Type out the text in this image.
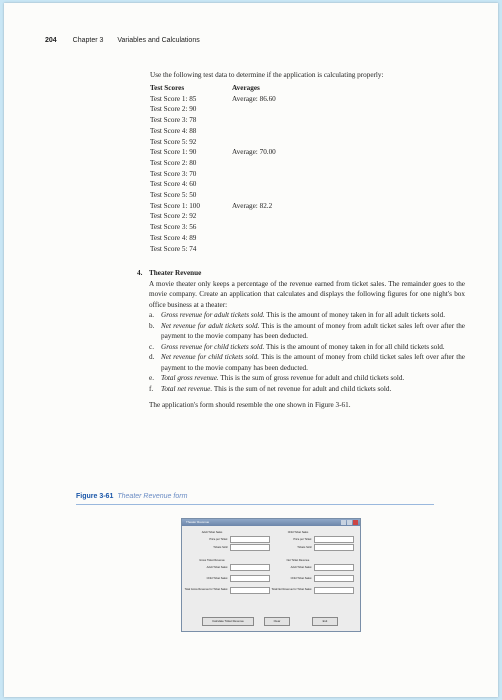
204 Chapter 3 Variables and Calculations
Use the following test data to determine if the application is calculating properly:
Test Scores	Averages
Test Score 1: 85	Average: 86.60
Test Score 2: 90
Test Score 3: 78
Test Score 4: 88
Test Score 5: 92
Test Score 1: 90	Average: 70.00
Test Score 2: 80
Test Score 3: 70
Test Score 4: 60
Test Score 5: 50
Test Score 1: 100	Average: 82.2
Test Score 2: 92
Test Score 3: 56
Test Score 4: 89
Test Score 5: 74
4. Theater Revenue

A movie theater only keeps a percentage of the revenue earned from ticket sales. The remainder goes to the movie company. Create an application that calculates and displays the following figures for one night's box office business at a theater:

a. Gross revenue for adult tickets sold. This is the amount of money taken in for all adult tickets sold.
b. Net revenue for adult tickets sold. This is the amount of money from adult ticket sales left over after the payment to the movie company has been deducted.
c. Gross revenue for child tickets sold. This is the amount of money taken in for all child tickets sold.
d. Net revenue for child tickets sold. This is the amount of money from child ticket sales left over after the payment to the movie company has been deducted.
e. Total gross revenue. This is the sum of gross revenue for adult and child tickets sold.
f.	Total net revenue. This is the sum of net revenue for adult and child tickets sold.
The application's form should resemble the one shown in Figure 3-61.
Figure 3-61 Theater Revenue form
Theater Revenue
Adult Ticket Sales	Child Ticket Sales
Price per Ticket:
Tickets Sold:
Price per Ticket:
Tickets Sold:
Gross Ticket Revenue	Net Ticket Revenue
Adult Ticket Sales:
Child Ticket Sales:
Total Gross Revenue for Ticket Sales:
Adult Ticket Sales:
Child Ticket Sales:
Total Net Revenue for Ticket Sales:
Calculate Ticket Revenue	Clear	Exit
